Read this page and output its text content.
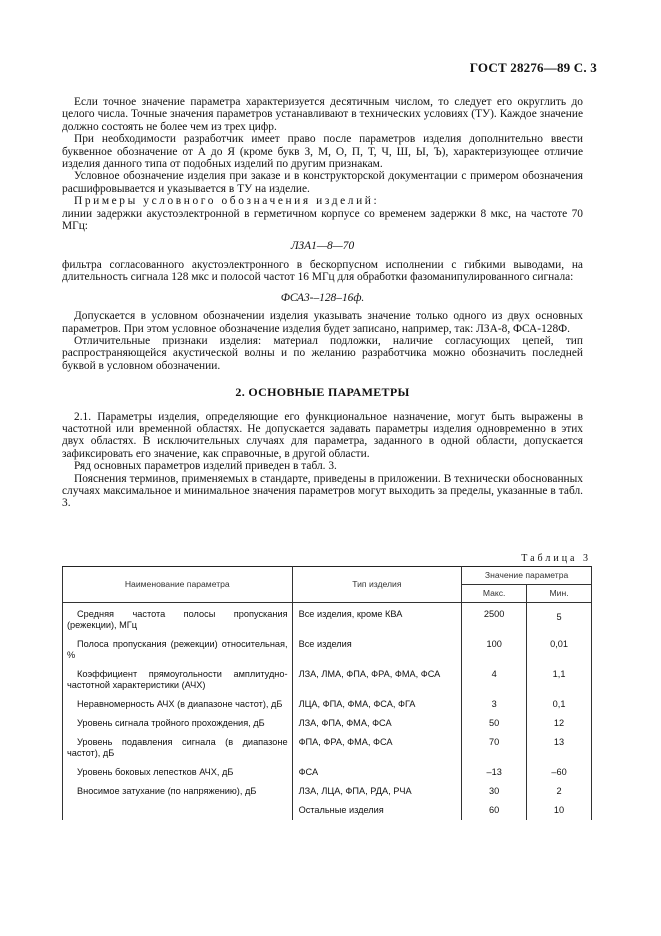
ГОСТ 28276—89 С. 3

Если точное значение параметра характеризуется десятичным числом, то следует его округлить до целого числа. Точные значения параметров устанавливают в технических условиях (ТУ). Каждое значение должно состоять не более чем из трех цифр.

При необходимости разработчик имеет право после параметров изделия дополнительно ввести буквенное обозначение от А до Я (кроме букв З, М, О, П, Т, Ч, Ш, Ы, Ъ), характеризующее отличие изделия данного типа от подобных изделий по другим признакам.

Условное обозначение изделия при заказе и в конструкторской документации с примером обозначения расшифровывается и указывается в ТУ на изделие.

Примеры условного обозначения изделий:

линии задержки акустоэлектронной в герметичном корпусе со временем задержки 8 мкс, на частоте 70 МГц:

ЛЗА1—8—70

фильтра согласованного акустоэлектронного в бескорпусном исполнении с гибкими выводами, на длительность сигнала 128 мкс и полосой частот 16 МГц для обработки фазоманипулированного сигнала:

ФСА3-–128–16ф.

Допускается в условном обозначении изделия указывать значение только одного из двух основных параметров. При этом условное обозначение изделия будет записано, например, так: ЛЗА-8, ФСА-128Ф.

Отличительные признаки изделия: материал подложки, наличие согласующих цепей, тип распространяющейся акустической волны и по желанию разработчика можно обозначить последней буквой в условном обозначении.

2. ОСНОВНЫЕ ПАРАМЕТРЫ

2.1. Параметры изделия, определяющие его функциональное назначение, могут быть выражены в частотной или временной областях. Не допускается задавать параметры изделия одновременно в этих двух областях. В исключительных случаях для параметра, заданного в одной области, допускается зафиксировать его значение, как справочные, в другой области.

Ряд основных параметров изделий приведен в табл. 3.

Пояснения терминов, применяемых в стандарте, приведены в приложении. В технически обоснованных случаях максимальное и минимальное значения параметров могут выходить за пределы, указанные в табл. 3.

Таблица 3
Наименование параметра	Тип изделия	Значение параметра	
		Макс.	Мин.
Средняя частота полосы пропускания (режекции), МГц	Все изделия, кроме КВА	2500	5
Полоса пропускания (режекции) относительная, %	Все изделия	100	0,01
Коэффициент прямоугольности амплитудно-частотной характеристики (АЧХ)	ЛЗА, ЛМА, ФПА, ФРА, ФМА, ФСА	4	1,1
Неравномерность АЧХ (в диапазоне частот), дБ	ЛЦА, ФПА, ФМА, ФСА, ФГА	3	0,1
Уровень сигнала тройного прохождения, дБ	ЛЗА, ФПА, ФМА, ФСА	50	12
Уровень подавления сигнала (в диапазоне частот), дБ	ФПА, ФРА, ФМА, ФСА	70	13
Уровень боковых лепестков АЧХ, дБ	ФСА	–13	–60
Вносимое затухание (по напряжению), дБ	ЛЗА, ЛЦА, ФПА, РДА, РЧА	30	2
	Остальные изделия	60	10
